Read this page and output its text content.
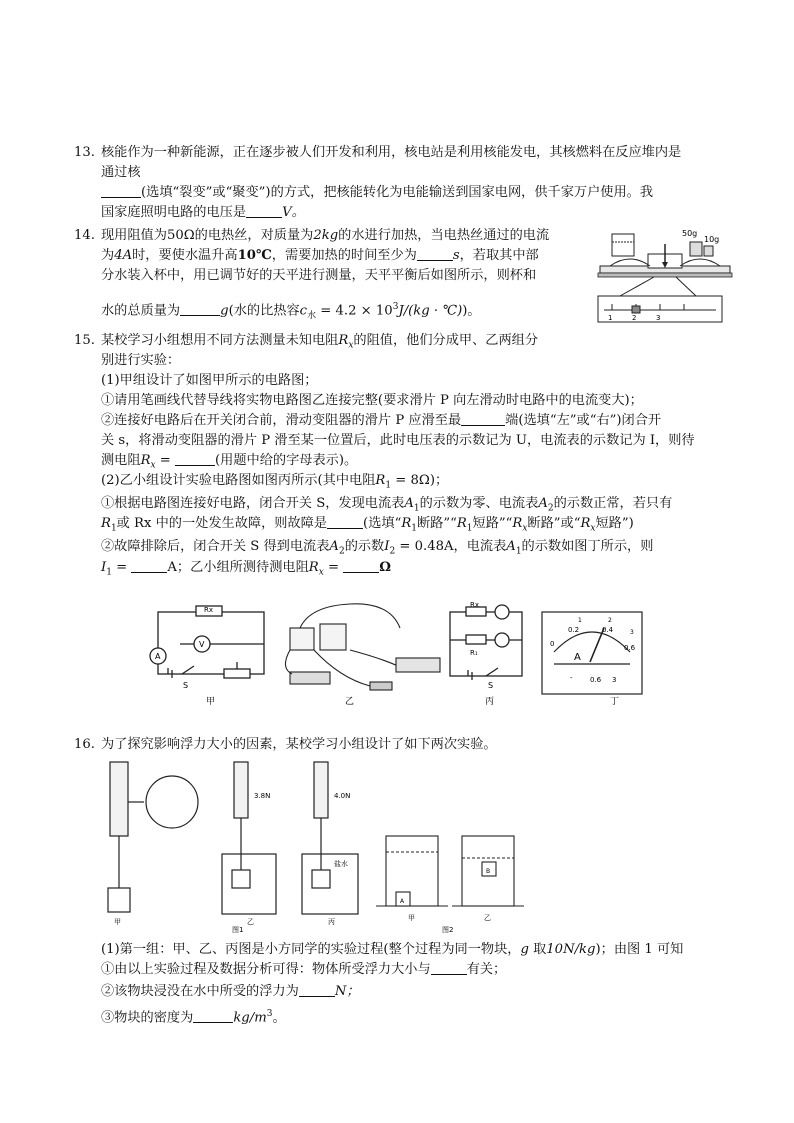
13. 核能作为一种新能源，正在逐步被人们开发和利用，核电站是利用核能发电，其核燃料在反应堆内是
通过核
(选填“裂变”或“聚变”)的方式，把核能转化为电能输送到国家电网，供千家万户使用。我
国家庭照明电路的电压是	V。
14. 现用阻值为50Ω的电热丝，对质量为2kg的水进行加热，当电热丝通过的电流
为4A时，要使水温升高10℃，需要加热的时间至少为	s，若取其中部
分水装入杯中，用已调节好的天平进行测量，天平平衡后如图所示，则杯和
水的总质量为	g(水的比热容$c_水 = 4.2 \times 10^3J/(kg$ · ℃))。
50g
10g
1	2	3
15. 某校学习小组想用不同方法测量未知电阻$R_x$的阻值，他们分成甲、乙两组分
别进行实验：
(1)甲组设计了如图甲所示的电路图；
①请用笔画线代替导线将实物电路图乙连接完整(要求滑片 P 向左滑动时电路中的电流变大)；
②连接好电路后在开关闭合前，滑动变阻器的滑片 P 应滑至最	端(选填“左”或“右”)闭合开
关 s，将滑动变阻器的滑片 P 滑至某一位置后，此时电压表的示数记为 U，电流表的示数记为 I，则待
测电阻$R_x$ =	(用题中给的字母表示)。
(2)乙小组设计实验电路图如图丙所示(其中电阻$R_1 = 8\Omega$)；
①根据电路图连接好电路，闭合开关 S，发现电流表$A_1$的示数为零、电流表$A_2$的示数正常，若只有
$R_1$或 Rx 中的一处发生故障，则故障是	(选填“$R_1$断路$”“R_1$短路$”“R_x$断路”或“$R_x$短路”)
②故障排除后，闭合开关 S 得到电流表$A_2$的示数$I_2 = 0.48A$，电流表$A_1$的示数如图丁所示，则
$I_1$ =	A；乙小组所测待测电阻$R_x$ =	Ω
Rx
V
A
S
甲	乙
Rx
R₁
S
丙
0
0.2	0.4
0.6
1	2
3
A
- 0.6 3
丁
16. 为了探究影响浮力大小的因素，某校学习小组设计了如下两次实验。
甲
3.8N
乙
4.0N
盐水
丙
图1
A
B
甲	乙
图2
(1)第一组：甲、乙、丙图是小方同学的实验过程(整个过程为同一物块，g 取10N/kg)；由图 1 可知
①由以上实验过程及数据分析可得：物体所受浮力大小与	有关；
②该物块浸没在水中所受的浮力为	N；
③物块的密度为	$kg/m^3$。
